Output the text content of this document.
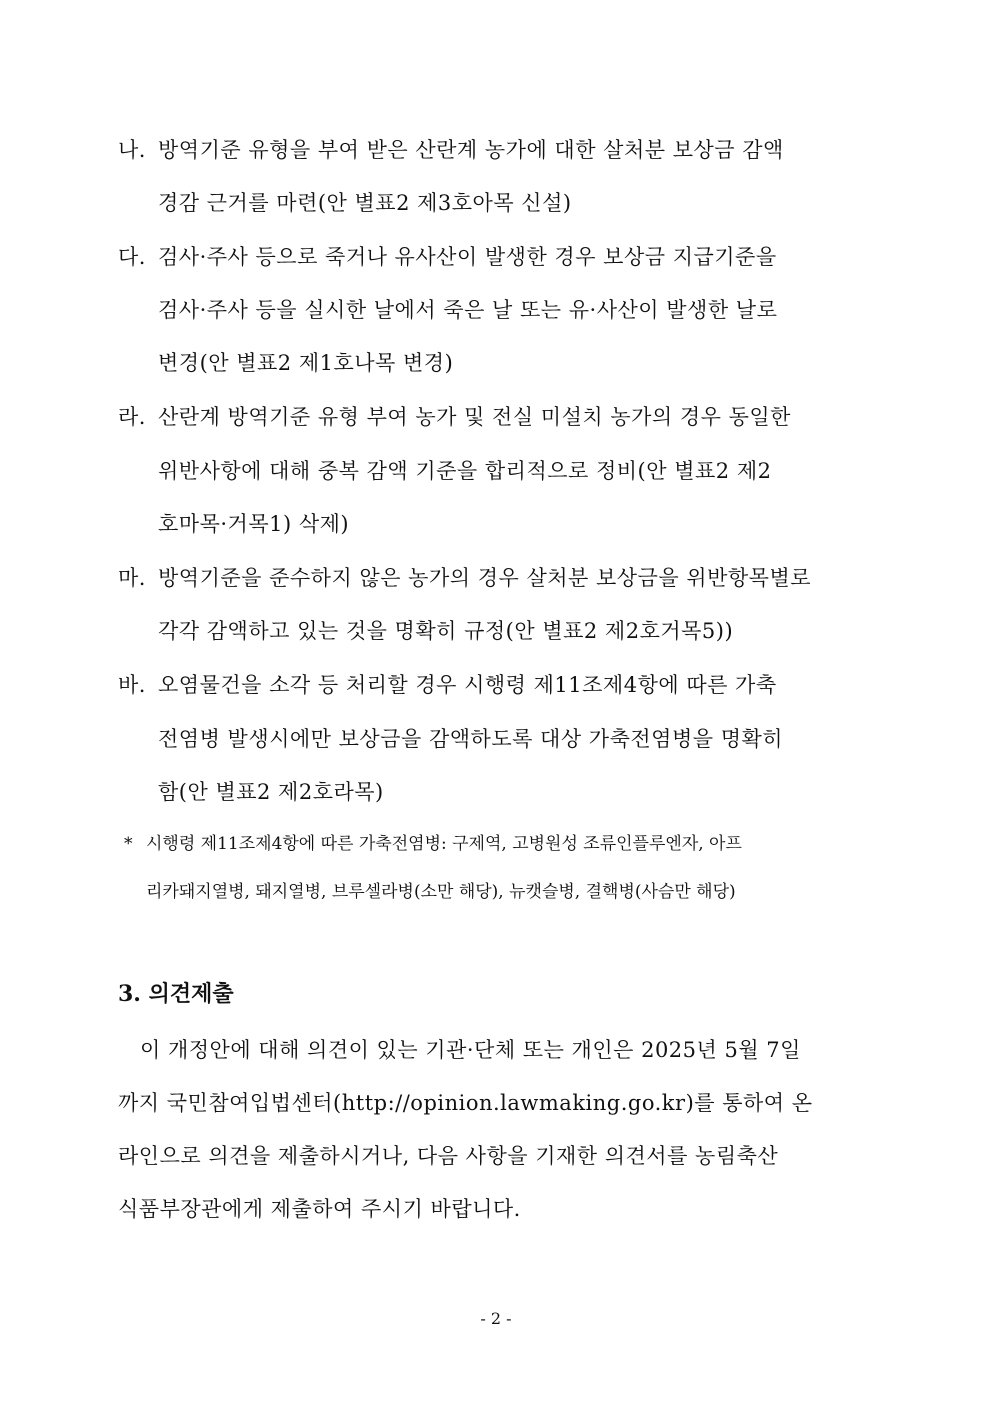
나. 방역기준 유형을 부여 받은 산란계 농가에 대한 살처분 보상금 감액
경감 근거를 마련(안 별표2 제3호아목 신설)
다. 검사·주사 등으로 죽거나 유사산이 발생한 경우 보상금 지급기준을
검사·주사 등을 실시한 날에서 죽은 날 또는 유·사산이 발생한 날로
변경(안 별표2 제1호나목 변경)
라. 산란계 방역기준 유형 부여 농가 및 전실 미설치 농가의 경우 동일한
위반사항에 대해 중복 감액 기준을 합리적으로 정비(안 별표2 제2
호마목·거목1) 삭제)
마. 방역기준을 준수하지 않은 농가의 경우 살처분 보상금을 위반항목별로
각각 감액하고 있는 것을 명확히 규정(안 별표2 제2호거목5))
바. 오염물건을 소각 등 처리할 경우 시행령 제11조제4항에 따른 가축
전염병 발생시에만 보상금을 감액하도록 대상 가축전염병을 명확히
함(안 별표2 제2호라목)
* 시행령 제11조제4항에 따른 가축전염병: 구제역, 고병원성 조류인플루엔자, 아프
리카돼지열병, 돼지열병, 브루셀라병(소만 해당), 뉴캣슬병, 결핵병(사슴만 해당)
3. 의견제출
이 개정안에 대해 의견이 있는 기관·단체 또는 개인은 2025년 5월 7일
까지 국민참여입법센터(http://opinion.lawmaking.go.kr)를 통하여 온
라인으로 의견을 제출하시거나, 다음 사항을 기재한 의견서를 농림축산
식품부장관에게 제출하여 주시기 바랍니다.
- 2 -
